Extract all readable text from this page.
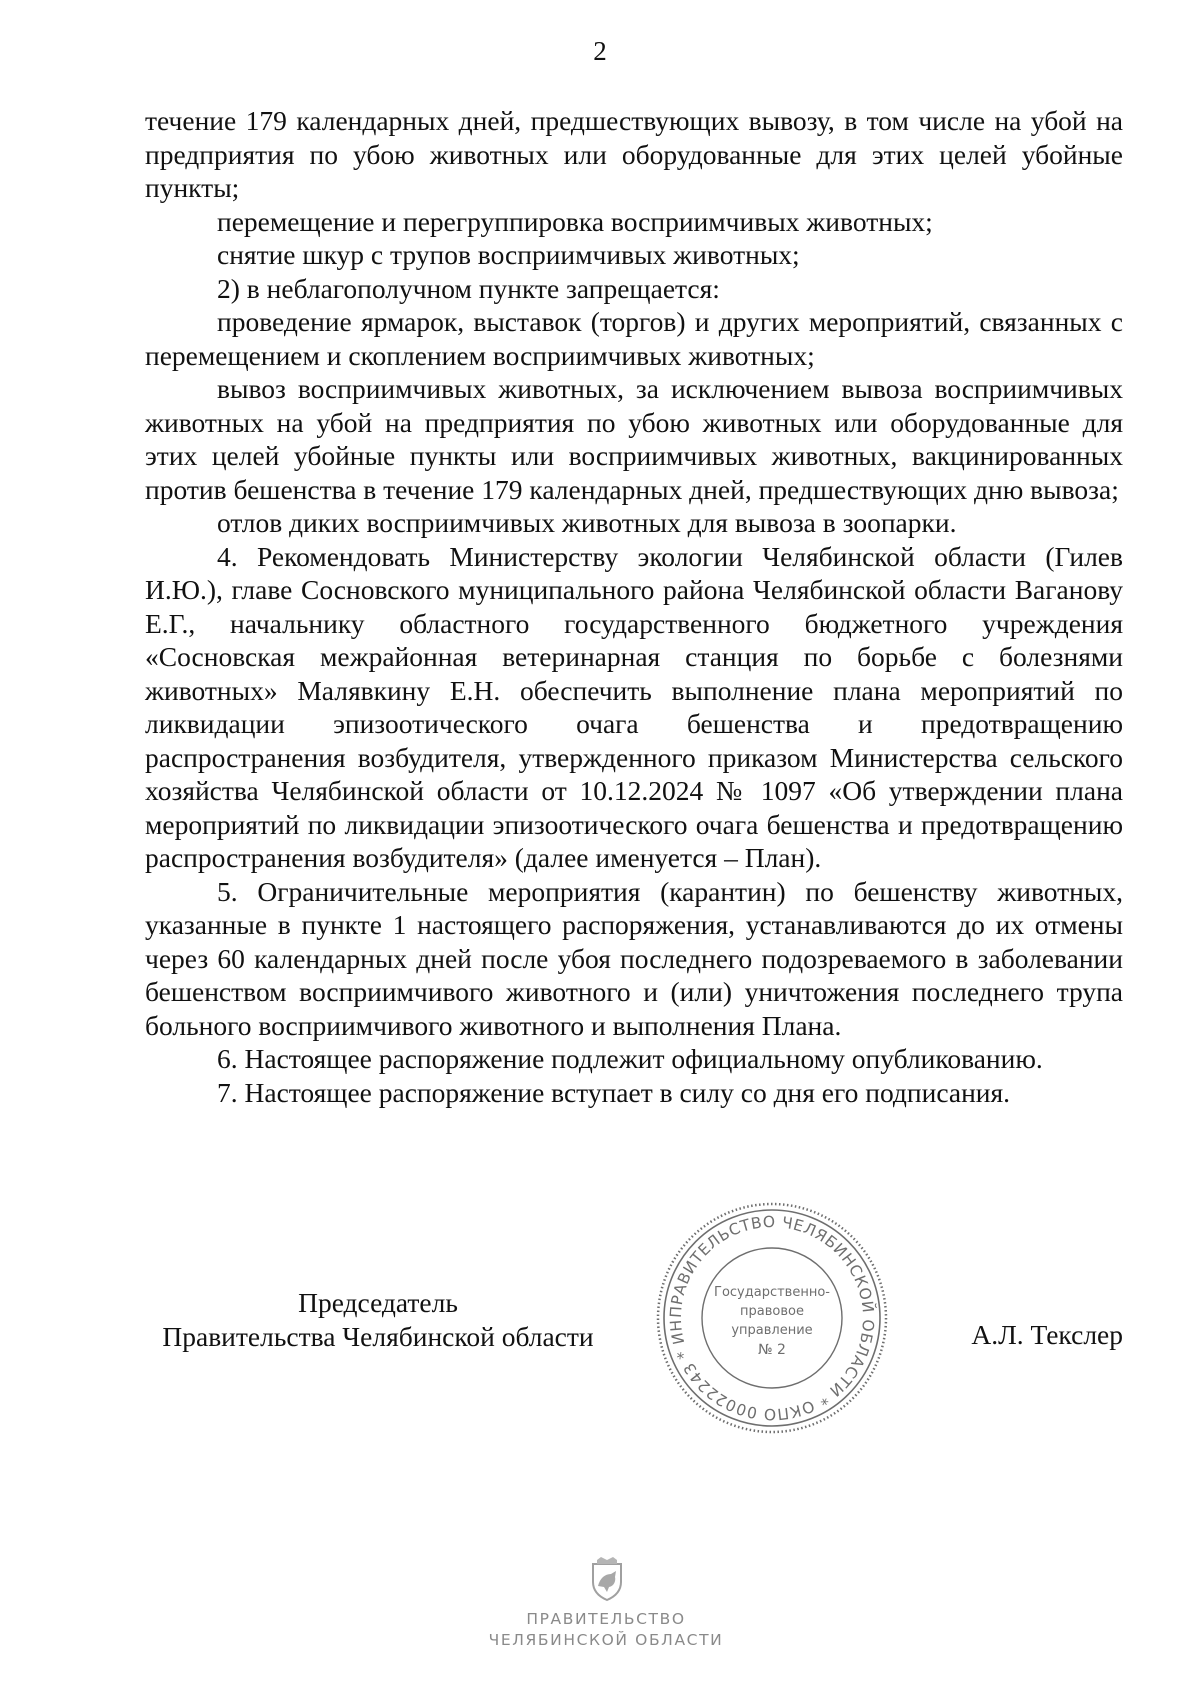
2

течение 179 календарных дней, предшествующих вывозу, в том числе на убой на предприятия по убою животных или оборудованные для этих целей убойные пункты;

перемещение и перегруппировка восприимчивых животных;

снятие шкур с трупов восприимчивых животных;

2) в неблагополучном пункте запрещается:

проведение ярмарок, выставок (торгов) и других мероприятий, связанных с перемещением и скоплением восприимчивых животных;

вывоз восприимчивых животных, за исключением вывоза восприимчивых животных на убой на предприятия по убою животных или оборудованные для этих целей убойные пункты или восприимчивых животных, вакцинированных против бешенства в течение 179 календарных дней, предшествующих дню вывоза;

отлов диких восприимчивых животных для вывоза в зоопарки.

4. Рекомендовать Министерству экологии Челябинской области (Гилев И.Ю.), главе Сосновского муниципального района Челябинской области Ваганову Е.Г., начальнику областного государственного бюджетного учреждения «Сосновская межрайонная ветеринарная станция по борьбе с болезнями животных» Малявкину Е.Н. обеспечить выполнение плана мероприятий по ликвидации эпизоотического очага бешенства и предотвращению распространения возбудителя, утвержденного приказом Министерства сельского хозяйства Челябинской области от 10.12.2024 № 1097 «Об утверждении плана мероприятий по ликвидации эпизоотического очага бешенства и предотвращению распространения возбудителя» (далее именуется – План).

5. Ограничительные мероприятия (карантин) по бешенству животных, указанные в пункте 1 настоящего распоряжения, устанавливаются до их отмены через 60 календарных дней после убоя последнего подозреваемого в заболевании бешенством восприимчивого животного и (или) уничтожения последнего трупа больного восприимчивого животного и выполнения Плана.

6. Настоящее распоряжение подлежит официальному опубликованию.

7. Настоящее распоряжение вступает в силу со дня его подписания.

Председатель
Правительства Челябинской области
ПРАВИТЕЛЬСТВО ЧЕЛЯБИНСКОЙ ОБЛАСТИ * ОКПО 00022243 * ИН
Государственно-
правовое
управление
№ 2	А.Л. Текслер
ПРАВИТЕЛЬСТВО
ЧЕЛЯБИНСКОЙ ОБЛАСТИ
